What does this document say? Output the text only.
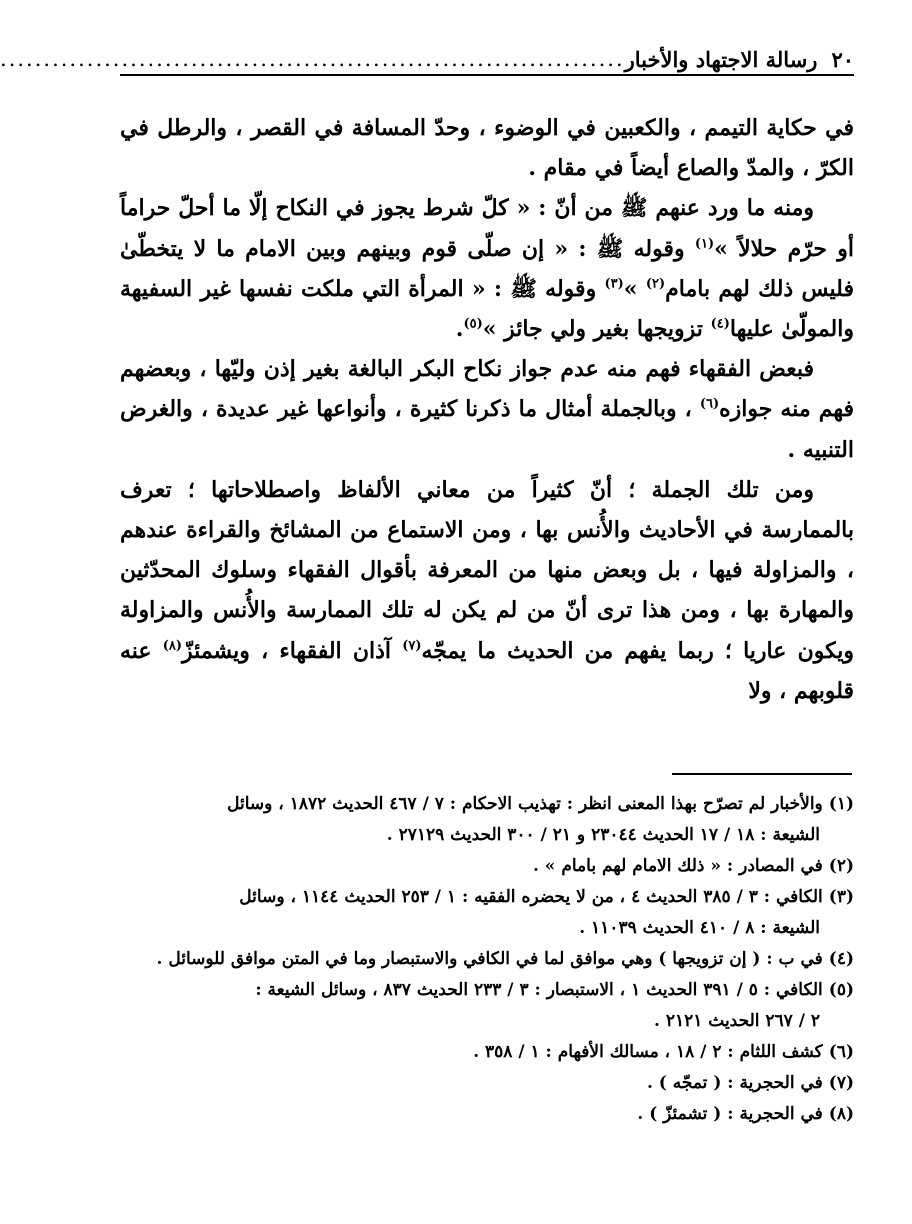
٢٠
رسالة الاجتهاد والأخبار
........................................................................

في حكاية التيمم ، والكعبين في الوضوء ، وحدّ المسافة في القصر ، والرطل في الكرّ ، والمدّ والصاع أيضاً في مقام .

ومنه ما ورد عنهم ﷺ من أنّ : « كلّ شرط يجوز في النكاح إلّا ما أحلّ حراماً أو حرّم حلالاً »$^{(١)}$ وقوله ﷺ : « إن صلّى قوم وبينهم وبين الامام ما لا يتخطّىٰ فليس ذلك لهم بامام$^{(٢)}$ »$^{(٣)}$ وقوله ﷺ : « المرأة التي ملكت نفسها غير السفيهة والمولّىٰ عليها$^{(٤)}$ تزويجها بغير ولي جائز »$^{(٥)}$.

فبعض الفقهاء فهم منه عدم جواز نكاح البكر البالغة بغير إذن وليّها ، وبعضهم فهم منه جوازه$^{(٦)}$ ، وبالجملة أمثال ما ذكرنا كثيرة ، وأنواعها غير عديدة ، والغرض التنبيه .

ومن تلك الجملة ؛ أنّ كثيراً من معاني الألفاظ واصطلاحاتها ؛ تعرف بالممارسة في الأحاديث والأُنس بها ، ومن الاستماع من المشائخ والقراءة عندهم ، والمزاولة فيها ، بل وبعض منها من المعرفة بأقوال الفقهاء وسلوك المحدّثين والمهارة بها ، ومن هذا ترى أنّ من لم يكن له تلك الممارسة والأُنس والمزاولة ويكون عاريا ؛ ربما يفهم من الحديث ما يمجّه$^{(٧)}$ آذان الفقهاء ، ويشمئزّ$^{(٨)}$ عنه قلوبهم ، ولا

(١)والأخبار لم تصرّح بهذا المعنى انظر : تهذيب الاحكام : ٧ / ٤٦٧ الحديث ١٨٧٢ ، وسائل
الشيعة : ١٨ / ١٧ الحديث ٢٣٠٤٤ و ٢١ / ٣٠٠ الحديث ٢٧١٢٩ .
(٢)في المصادر : « ذلك الامام لهم بامام » .
(٣)الكافي : ٣ / ٣٨٥ الحديث ٤ ، من لا يحضره الفقيه : ١ / ٢٥٣ الحديث ١١٤٤ ، وسائل
الشيعة : ٨ / ٤١٠ الحديث ١١٠٣٩ .
(٤)في ب : ( إن تزويجها ) وهي موافق لما في الكافي والاستبصار وما في المتن موافق للوسائل .
(٥)الكافي : ٥ / ٣٩١ الحديث ١ ، الاستبصار : ٣ / ٢٣٣ الحديث ٨٣٧ ، وسائل الشيعة :
٢ / ٢٦٧ الحديث ٢١٢١ .
(٦)كشف اللثام : ٢ / ١٨ ، مسالك الأفهام : ١ / ٣٥٨ .
(٧)في الحجرية : ( تمجّه ) .
(٨)في الحجرية : ( تشمئزّ ) .
